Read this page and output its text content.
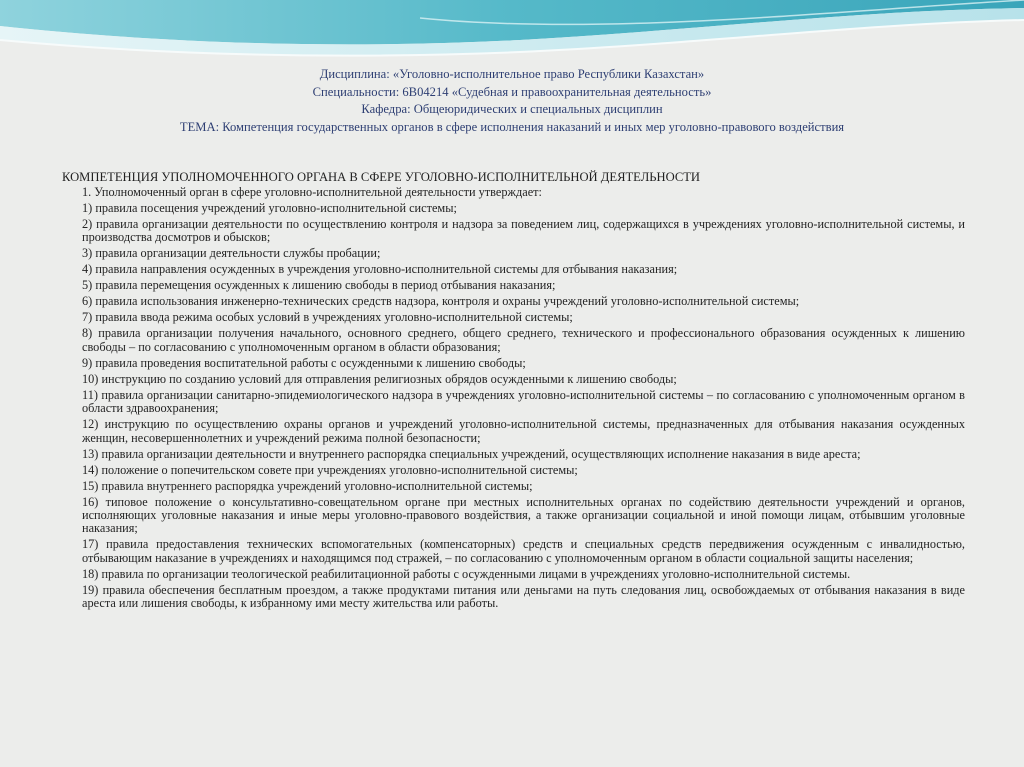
Дисциплина: «Уголовно-исполнительное право Республики Казахстан»
Специальности: 6В04214 «Судебная и правоохранительная деятельность»
Кафедра: Общеюридических и специальных дисциплин
ТЕМА: Компетенция государственных органов в сфере исполнения наказаний и иных мер уголовно-правового воздействия
КОМПЕТЕНЦИЯ УПОЛНОМОЧЕННОГО ОРГАНА В СФЕРЕ УГОЛОВНО-ИСПОЛНИТЕЛЬНОЙ ДЕЯТЕЛЬНОСТИ
1. Уполномоченный орган в сфере уголовно-исполнительной деятельности утверждает:
1) правила посещения учреждений уголовно-исполнительной системы;
2) правила организации деятельности по осуществлению контроля и надзора за поведением лиц, содержащихся в учреждениях уголовно-исполнительной системы, и производства досмотров и обысков;
3) правила организации деятельности службы пробации;
4) правила направления осужденных в учреждения уголовно-исполнительной системы для отбывания наказания;
5) правила перемещения осужденных к лишению свободы в период отбывания наказания;
6) правила использования инженерно-технических средств надзора, контроля и охраны учреждений уголовно-исполнительной системы;
7) правила ввода режима особых условий в учреждениях уголовно-исполнительной системы;
8) правила организации получения начального, основного среднего, общего среднего, технического и профессионального образования осужденных к лишению свободы – по согласованию с уполномоченным органом в области образования;
9) правила проведения воспитательной работы с осужденными к лишению свободы;
10) инструкцию по созданию условий для отправления религиозных обрядов осужденными к лишению свободы;
11) правила организации санитарно-эпидемиологического надзора в учреждениях уголовно-исполнительной системы – по согласованию с уполномоченным органом в области здравоохранения;
12) инструкцию по осуществлению охраны органов и учреждений уголовно-исполнительной системы, предназначенных для отбывания наказания осужденных женщин, несовершеннолетних и учреждений режима полной безопасности;
13) правила организации деятельности и внутреннего распорядка специальных учреждений, осуществляющих исполнение наказания в виде ареста;
14) положение о попечительском совете при учреждениях уголовно-исполнительной системы;
15) правила внутреннего распорядка учреждений уголовно-исполнительной системы;
16) типовое положение о консультативно-совещательном органе при местных исполнительных органах по содействию деятельности учреждений и органов, исполняющих уголовные наказания и иные меры уголовно-правового воздействия, а также организации социальной и иной помощи лицам, отбывшим уголовные наказания;
17) правила предоставления технических вспомогательных (компенсаторных) средств и специальных средств передвижения осужденным с инвалидностью, отбывающим наказание в учреждениях и находящимся под стражей, – по согласованию с уполномоченным органом в области социальной защиты населения;
18) правила по организации теологической реабилитационной работы с осужденными лицами в учреждениях уголовно-исполнительной системы.
19) правила обеспечения бесплатным проездом, а также продуктами питания или деньгами на путь следования лиц, освобождаемых от отбывания наказания в виде ареста или лишения свободы, к избранному ими месту жительства или работы.
